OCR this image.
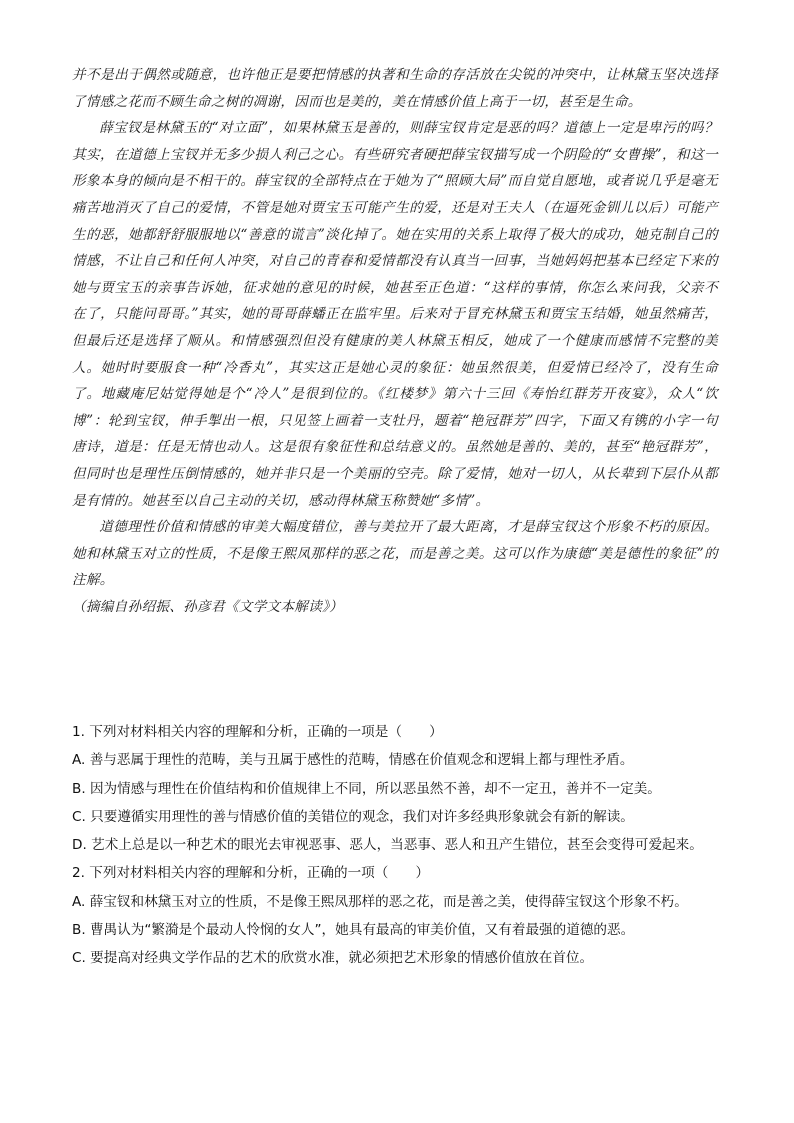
并不是出于偶然或随意，也许他正是要把情感的执著和生命的存活放在尖锐的冲突中，让林黛玉坚决选择了情感之花而不顾生命之树的凋谢，因而也是美的，美在情感价值上高于一切，甚至是生命。

薛宝钗是林黛玉的“对立面”，如果林黛玉是善的，则薛宝钗肯定是恶的吗？道德上一定是卑污的吗？其实，在道德上宝钗并无多少损人利己之心。有些研究者硬把薛宝钗描写成一个阴险的“女曹操”，和这一形象本身的倾向是不相干的。薛宝钗的全部特点在于她为了“照顾大局”而自觉自愿地，或者说几乎是毫无痛苦地消灭了自己的爱情，不管是她对贾宝玉可能产生的爱，还是对王夫人（在逼死金钏儿以后）可能产生的恶，她都舒舒服服地以“善意的谎言”淡化掉了。她在实用的关系上取得了极大的成功，她克制自己的情感，不让自己和任何人冲突，对自己的青春和爱情都没有认真当一回事，当她妈妈把基本已经定下来的她与贾宝玉的亲事告诉她，征求她的意见的时候，她甚至正色道：“这样的事情，你怎么来问我，父亲不在了，只能问哥哥。”其实，她的哥哥薛蟠正在监牢里。后来对于冒充林黛玉和贾宝玉结婚，她虽然痛苦，但最后还是选择了顺从。和情感强烈但没有健康的美人林黛玉相反，她成了一个健康而感情不完整的美人。她时时要服食一种“冷香丸”，其实这正是她心灵的象征：她虽然很美，但爱情已经冷了，没有生命了。地藏庵尼姑觉得她是个“冷人”是很到位的。《红楼梦》第六十三回《寿怡红群芳开夜宴》，众人“饮博”：轮到宝钗，伸手掣出一根，只见签上画着一支牡丹，题着“艳冠群芳”四字，下面又有镌的小字一句唐诗，道是：任是无情也动人。这是很有象征性和总结意义的。虽然她是善的、美的，甚至“艳冠群芳”，但同时也是理性压倒情感的，她并非只是一个美丽的空壳。除了爱情，她对一切人，从长辈到下层仆从都是有情的。她甚至以自己主动的关切，感动得林黛玉称赞她“多情”。

道德理性价值和情感的审美大幅度错位，善与美拉开了最大距离，才是薛宝钗这个形象不朽的原因。她和林黛玉对立的性质，不是像王熙凤那样的恶之花，而是善之美。这可以作为康德“美是德性的象征”的注解。

（摘编自孙绍振、孙彦君《文学文本解读》）

1. 下列对材料相关内容的理解和分析，正确的一项是（　　）

A. 善与恶属于理性的范畴，美与丑属于感性的范畴，情感在价值观念和逻辑上都与理性矛盾。

B. 因为情感与理性在价值结构和价值规律上不同，所以恶虽然不善，却不一定丑，善并不一定美。

C. 只要遵循实用理性的善与情感价值的美错位的观念，我们对许多经典形象就会有新的解读。

D. 艺术上总是以一种艺术的眼光去审视恶事、恶人，当恶事、恶人和丑产生错位，甚至会变得可爱起来。

2. 下列对材料相关内容的理解和分析，正确的一项（　　）

A. 薛宝钗和林黛玉对立的性质，不是像王熙凤那样的恶之花，而是善之美，使得薛宝钗这个形象不朽。

B. 曹禺认为“繁漪是个最动人怜悯的女人”，她具有最高的审美价值，又有着最强的道德的恶。

C. 要提高对经典文学作品的艺术的欣赏水准，就必须把艺术形象的情感价值放在首位。
